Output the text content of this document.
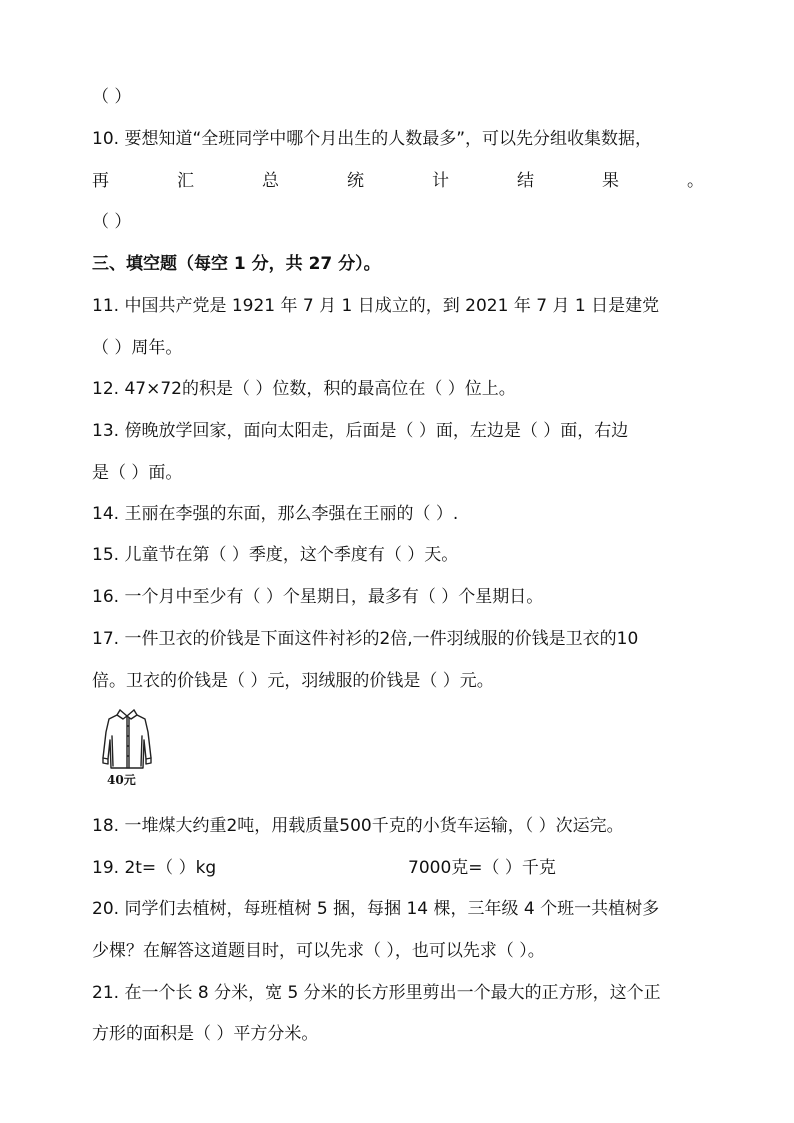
（ ）
10. 要想知道“全班同学中哪个月出生的人数最多”，可以先分组收集数据，
再	汇	总	统	计	结	果	。
（ ）
三、填空题（每空 1 分，共 27 分）。
11. 中国共产党是 1921 年 7 月 1 日成立的，到 2021 年 7 月 1 日是建党
（ ）周年。
12. 47×72的积是（ ）位数，积的最高位在（ ）位上。
13. 傍晚放学回家，面向太阳走，后面是（ ）面，左边是（ ）面，右边
是（ ）面。
14. 王丽在李强的东面，那么李强在王丽的（ ）.
15. 儿童节在第（ ）季度，这个季度有（ ）天。
16. 一个月中至少有（ ）个星期日，最多有（ ）个星期日。
17. 一件卫衣的价钱是下面这件衬衫的2倍,一件羽绒服的价钱是卫衣的10
倍。卫衣的价钱是（ ）元，羽绒服的价钱是（ ）元。
40元
18. 一堆煤大约重2吨，用载质量500千克的小货车运输，（ ）次运完。
19. 2t=（ ）kg	7000克=（ ）千克
20. 同学们去植树，每班植树 5 捆，每捆 14 棵，三年级 4 个班一共植树多
少棵？在解答这道题目时，可以先求（ ），也可以先求（ ）。
21. 在一个长 8 分米，宽 5 分米的长方形里剪出一个最大的正方形，这个正
方形的面积是（ ）平方分米。
